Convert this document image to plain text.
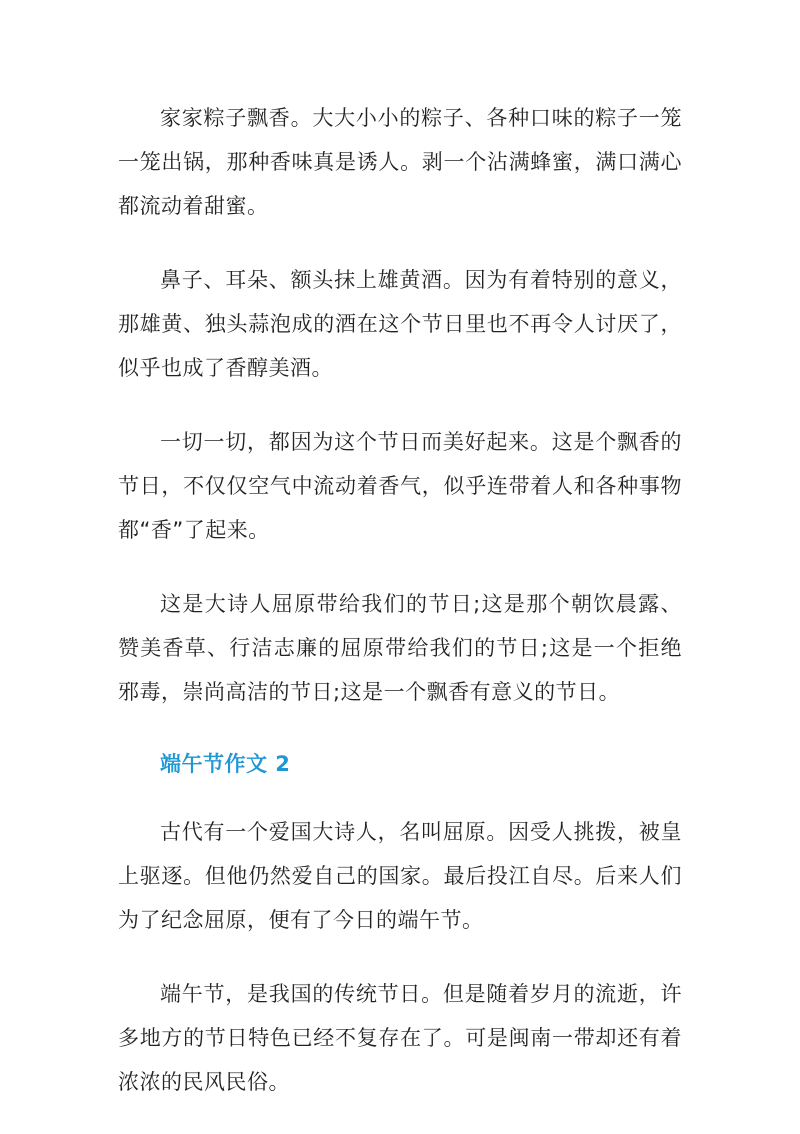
家家粽子飘香。大大小小的粽子、各种口味的粽子一笼一笼出锅，那种香味真是诱人。剥一个沾满蜂蜜，满口满心都流动着甜蜜。

鼻子、耳朵、额头抹上雄黄酒。因为有着特别的意义，那雄黄、独头蒜泡成的酒在这个节日里也不再令人讨厌了，似乎也成了香醇美酒。

一切一切，都因为这个节日而美好起来。这是个飘香的节日，不仅仅空气中流动着香气，似乎连带着人和各种事物都“香”了起来。

这是大诗人屈原带给我们的节日;这是那个朝饮晨露、赞美香草、行洁志廉的屈原带给我们的节日;这是一个拒绝邪毒，崇尚高洁的节日;这是一个飘香有意义的节日。

端午节作文 2

古代有一个爱国大诗人，名叫屈原。因受人挑拨，被皇上驱逐。但他仍然爱自己的国家。最后投江自尽。后来人们为了纪念屈原，便有了今日的端午节。

端午节，是我国的传统节日。但是随着岁月的流逝，许多地方的节日特色已经不复存在了。可是闽南一带却还有着浓浓的民风民俗。
